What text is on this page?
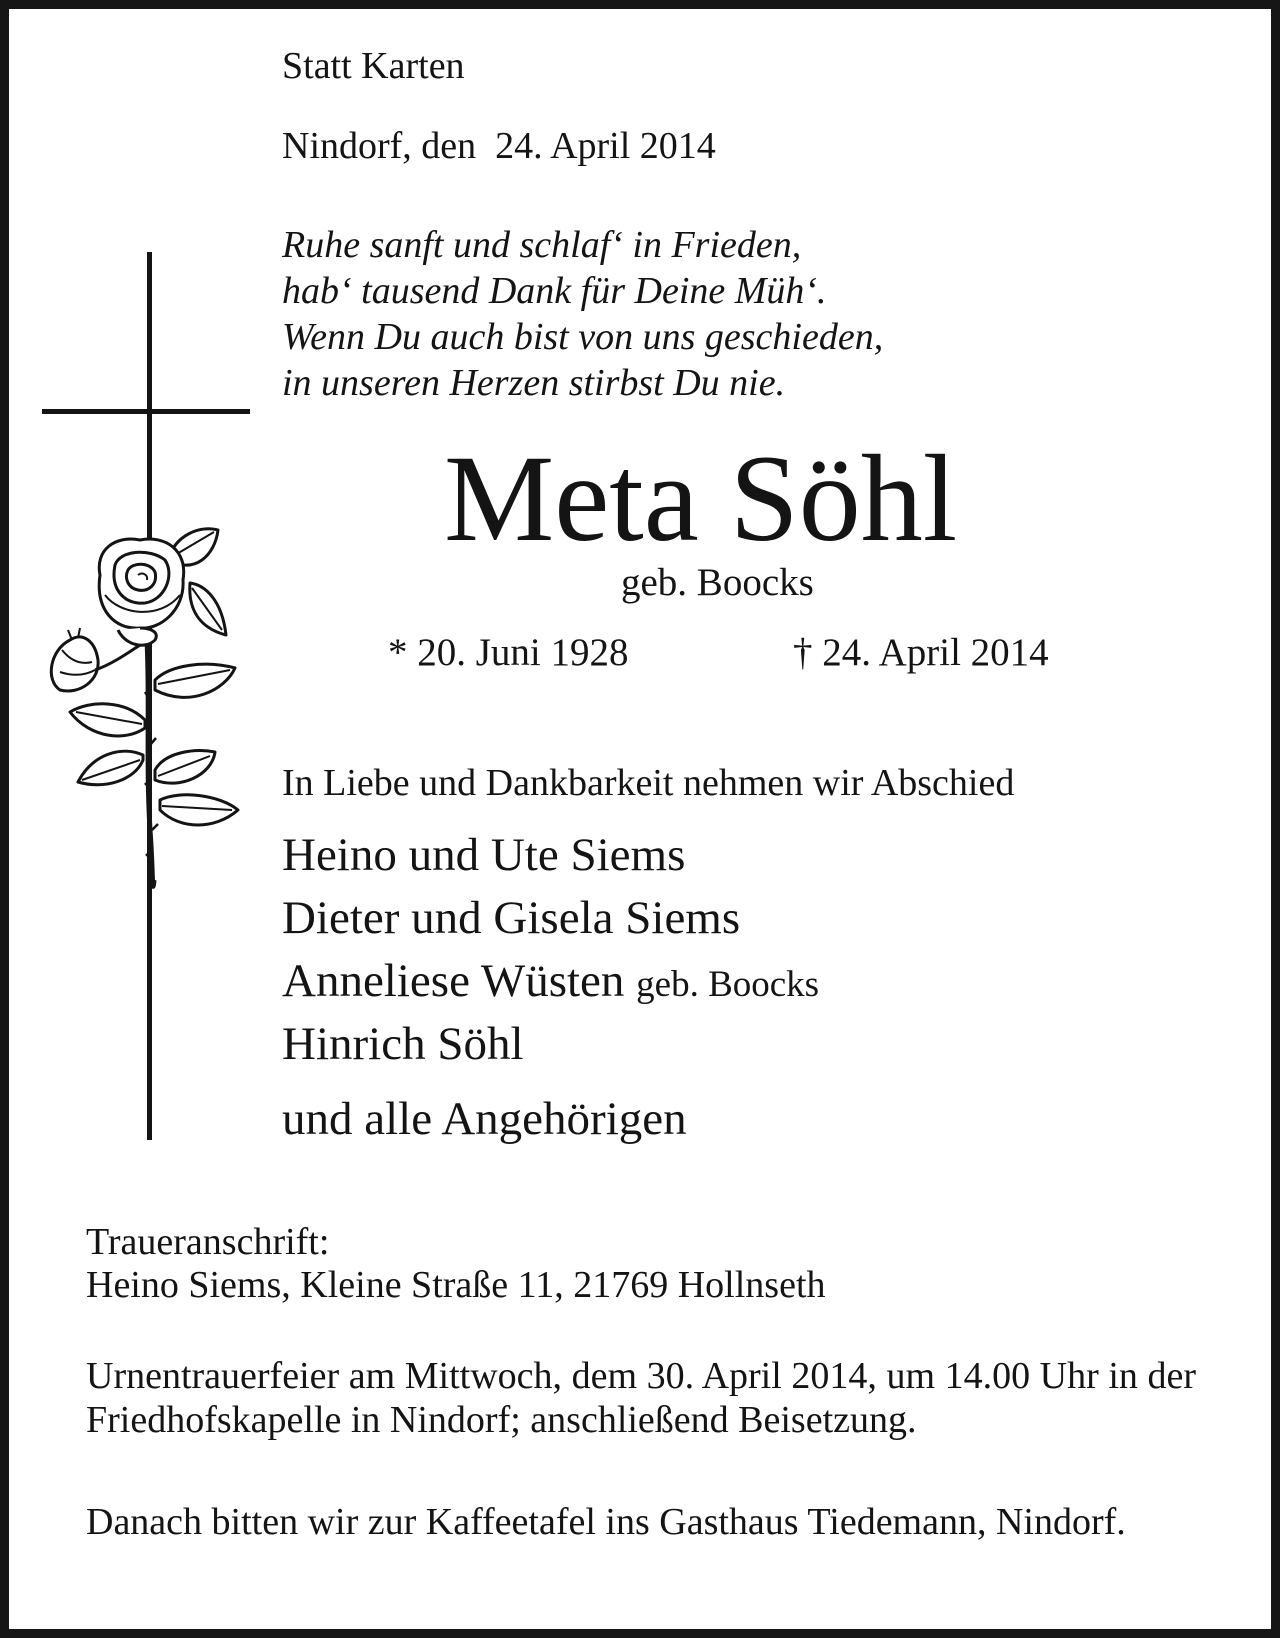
Statt Karten
Nindorf, den  24. April 2014
Ruhe sanft und schlaf‘ in Frieden,
hab‘ tausend Dank für Deine Müh‘.
Wenn Du auch bist von uns geschieden,
in unseren Herzen stirbst Du nie.
Meta Söhl
geb. Boocks
* 20. Juni 1928	† 24. April 2014
In Liebe und Dankbarkeit nehmen wir Abschied
Heino und Ute Siems
Dieter und Gisela Siems
Anneliese Wüsten geb. Boocks
Hinrich Söhl
und alle Angehörigen
Traueranschrift:
Heino Siems, Kleine Straße 11, 21769 Hollnseth
Urnentrauerfeier am Mittwoch, dem 30. April 2014, um 14.00 Uhr in der Friedhofskapelle in Nindorf; anschließend Beisetzung.
Danach bitten wir zur Kaffeetafel ins Gasthaus Tiedemann, Nindorf.
